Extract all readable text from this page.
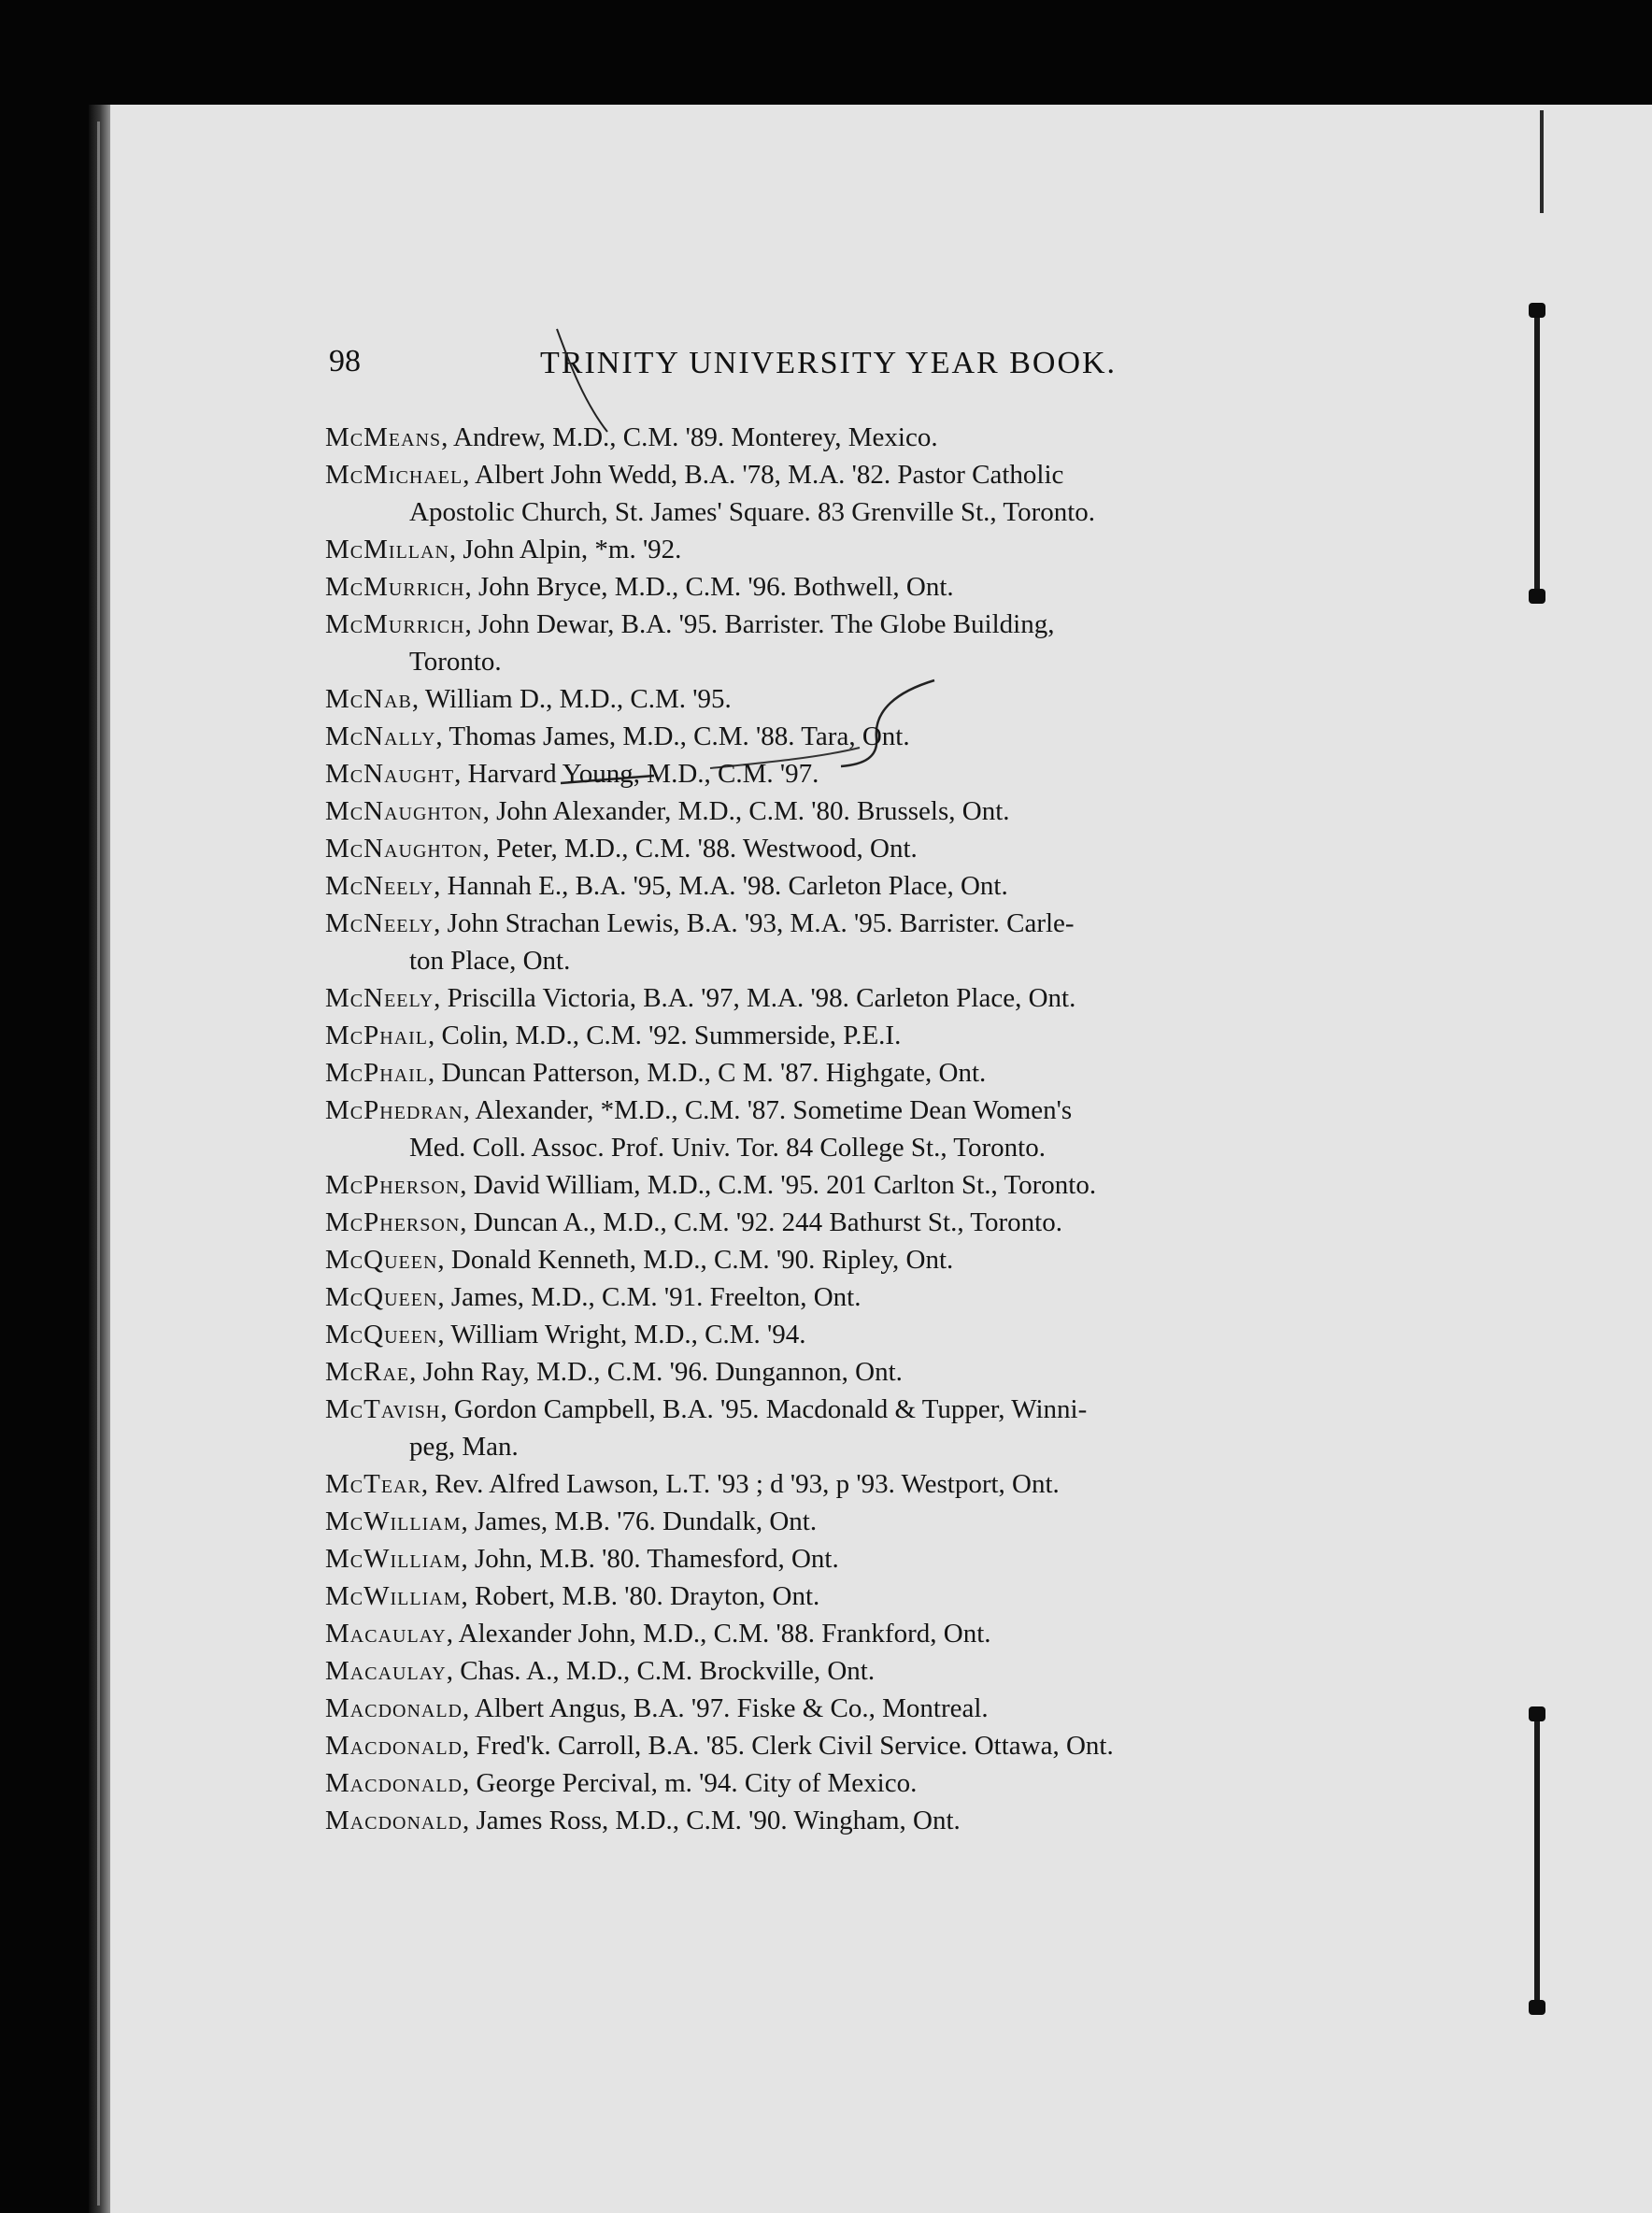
98	TRINITY UNIVERSITY YEAR BOOK.
McMeans, Andrew, M.D., C.M. '89. Monterey, Mexico.
McMichael, Albert John Wedd, B.A. '78, M.A. '82. Pastor Catholic
Apostolic Church, St. James' Square. 83 Grenville St., Toronto.
McMillan, John Alpin, *m. '92.
McMurrich, John Bryce, M.D., C.M. '96. Bothwell, Ont.
McMurrich, John Dewar, B.A. '95. Barrister. The Globe Building,
Toronto.
McNab, William D., M.D., C.M. '95.
McNally, Thomas James, M.D., C.M. '88. Tara, Ont.
McNaught, Harvard Young, M.D., C.M. '97.
McNaughton, John Alexander, M.D., C.M. '80. Brussels, Ont.
McNaughton, Peter, M.D., C.M. '88. Westwood, Ont.
McNeely, Hannah E., B.A. '95, M.A. '98. Carleton Place, Ont.
McNeely, John Strachan Lewis, B.A. '93, M.A. '95. Barrister. Carle-
ton Place, Ont.
McNeely, Priscilla Victoria, B.A. '97, M.A. '98. Carleton Place, Ont.
McPhail, Colin, M.D., C.M. '92. Summerside, P.E.I.
McPhail, Duncan Patterson, M.D., C M. '87. Highgate, Ont.
McPhedran, Alexander, *M.D., C.M. '87. Sometime Dean Women's
Med. Coll. Assoc. Prof. Univ. Tor. 84 College St., Toronto.
McPherson, David William, M.D., C.M. '95. 201 Carlton St., Toronto.
McPherson, Duncan A., M.D., C.M. '92. 244 Bathurst St., Toronto.
McQueen, Donald Kenneth, M.D., C.M. '90. Ripley, Ont.
McQueen, James, M.D., C.M. '91. Freelton, Ont.
McQueen, William Wright, M.D., C.M. '94.
McRae, John Ray, M.D., C.M. '96. Dungannon, Ont.
McTavish, Gordon Campbell, B.A. '95. Macdonald & Tupper, Winni-
peg, Man.
McTear, Rev. Alfred Lawson, L.T. '93 ; d '93, p '93. Westport, Ont.
McWilliam, James, M.B. '76. Dundalk, Ont.
McWilliam, John, M.B. '80. Thamesford, Ont.
McWilliam, Robert, M.B. '80. Drayton, Ont.
Macaulay, Alexander John, M.D., C.M. '88. Frankford, Ont.
Macaulay, Chas. A., M.D., C.M. Brockville, Ont.
Macdonald, Albert Angus, B.A. '97. Fiske & Co., Montreal.
Macdonald, Fred'k. Carroll, B.A. '85. Clerk Civil Service. Ottawa, Ont.
Macdonald, George Percival, m. '94. City of Mexico.
Macdonald, James Ross, M.D., C.M. '90. Wingham, Ont.
